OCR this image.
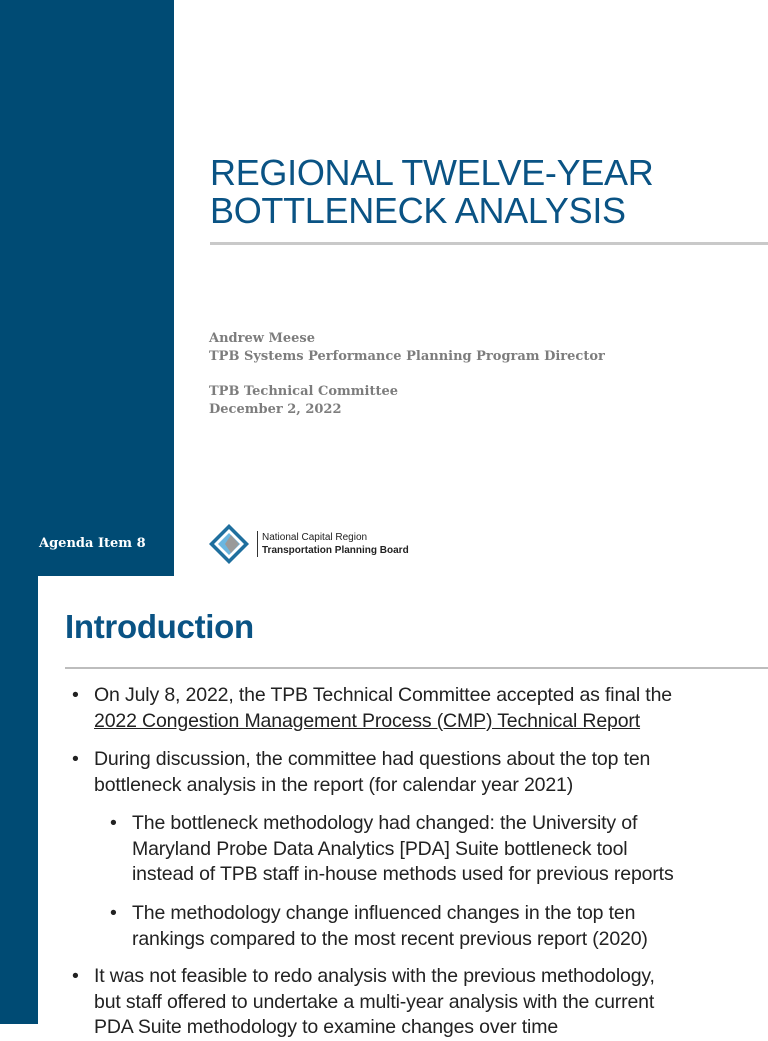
Agenda Item 8
REGIONAL TWELVE-YEAR
BOTTLENECK ANALYSIS
Andrew Meese
TPB Systems Performance Planning Program Director
TPB Technical Committee
December 2, 2022
National Capital Region
Transportation Planning Board
Introduction
• On July 8, 2022, the TPB Technical Committee accepted as final the
2022 Congestion Management Process (CMP) Technical Report
• During discussion, the committee had questions about the top ten
bottleneck analysis in the report (for calendar year 2021)
• The bottleneck methodology had changed: the University of
Maryland Probe Data Analytics [PDA] Suite bottleneck tool
instead of TPB staff in-house methods used for previous reports
• The methodology change influenced changes in the top ten
rankings compared to the most recent previous report (2020)
• It was not feasible to redo analysis with the previous methodology,
but staff offered to undertake a multi-year analysis with the current
PDA Suite methodology to examine changes over time
